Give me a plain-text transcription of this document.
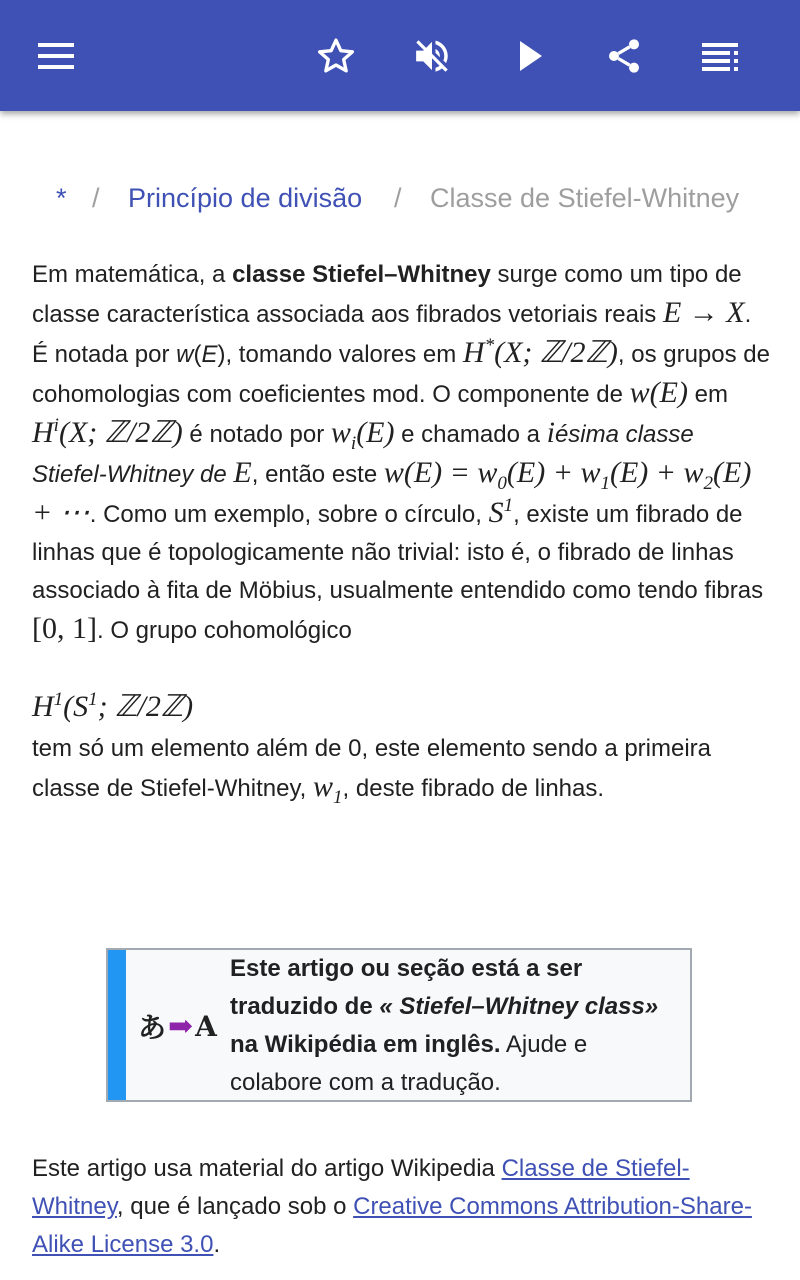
* / Princípio de divisão / Classe de Stiefel-Whitney

Em matemática, a classe Stiefel–Whitney surge como um tipo de classe característica associada aos fibrados vetoriais reais E → X. É notada por w(E), tomando valores em H*(X; ℤ/2ℤ), os grupos de cohomologias com coeficientes mod. O componente de w(E) em $H^i(X$; ℤ/2ℤ) é notado por $w_i(E)$ e chamado a iésima classe Stiefel-Whitney de E, então este $w(E) = w_0(E) + w_1(E) + w_2(E)$ + ⋯. Como um exemplo, sobre o círculo, $S^1$, existe um fibrado de linhas que é topologicamente não trivial: isto é, o fibrado de linhas associado à fita de Möbius, usualmente entendido como tendo fibras [0, 1]. O grupo cohomológico

$H^1(S^1$; ℤ/2ℤ)

tem só um elemento além de 0, este elemento sendo a primeira classe de Stiefel-Whitney, $w_1$, deste fibrado de linhas.

あ ➡ A
Este artigo ou seção está a ser traduzido de « Stiefel–Whitney class» na Wikipédia em inglês. Ajude e colabore com a tradução.
Este artigo usa material do artigo Wikipedia Classe de Stiefel-Whitney, que é lançado sob o Creative Commons Attribution-Share-Alike License 3.0.
